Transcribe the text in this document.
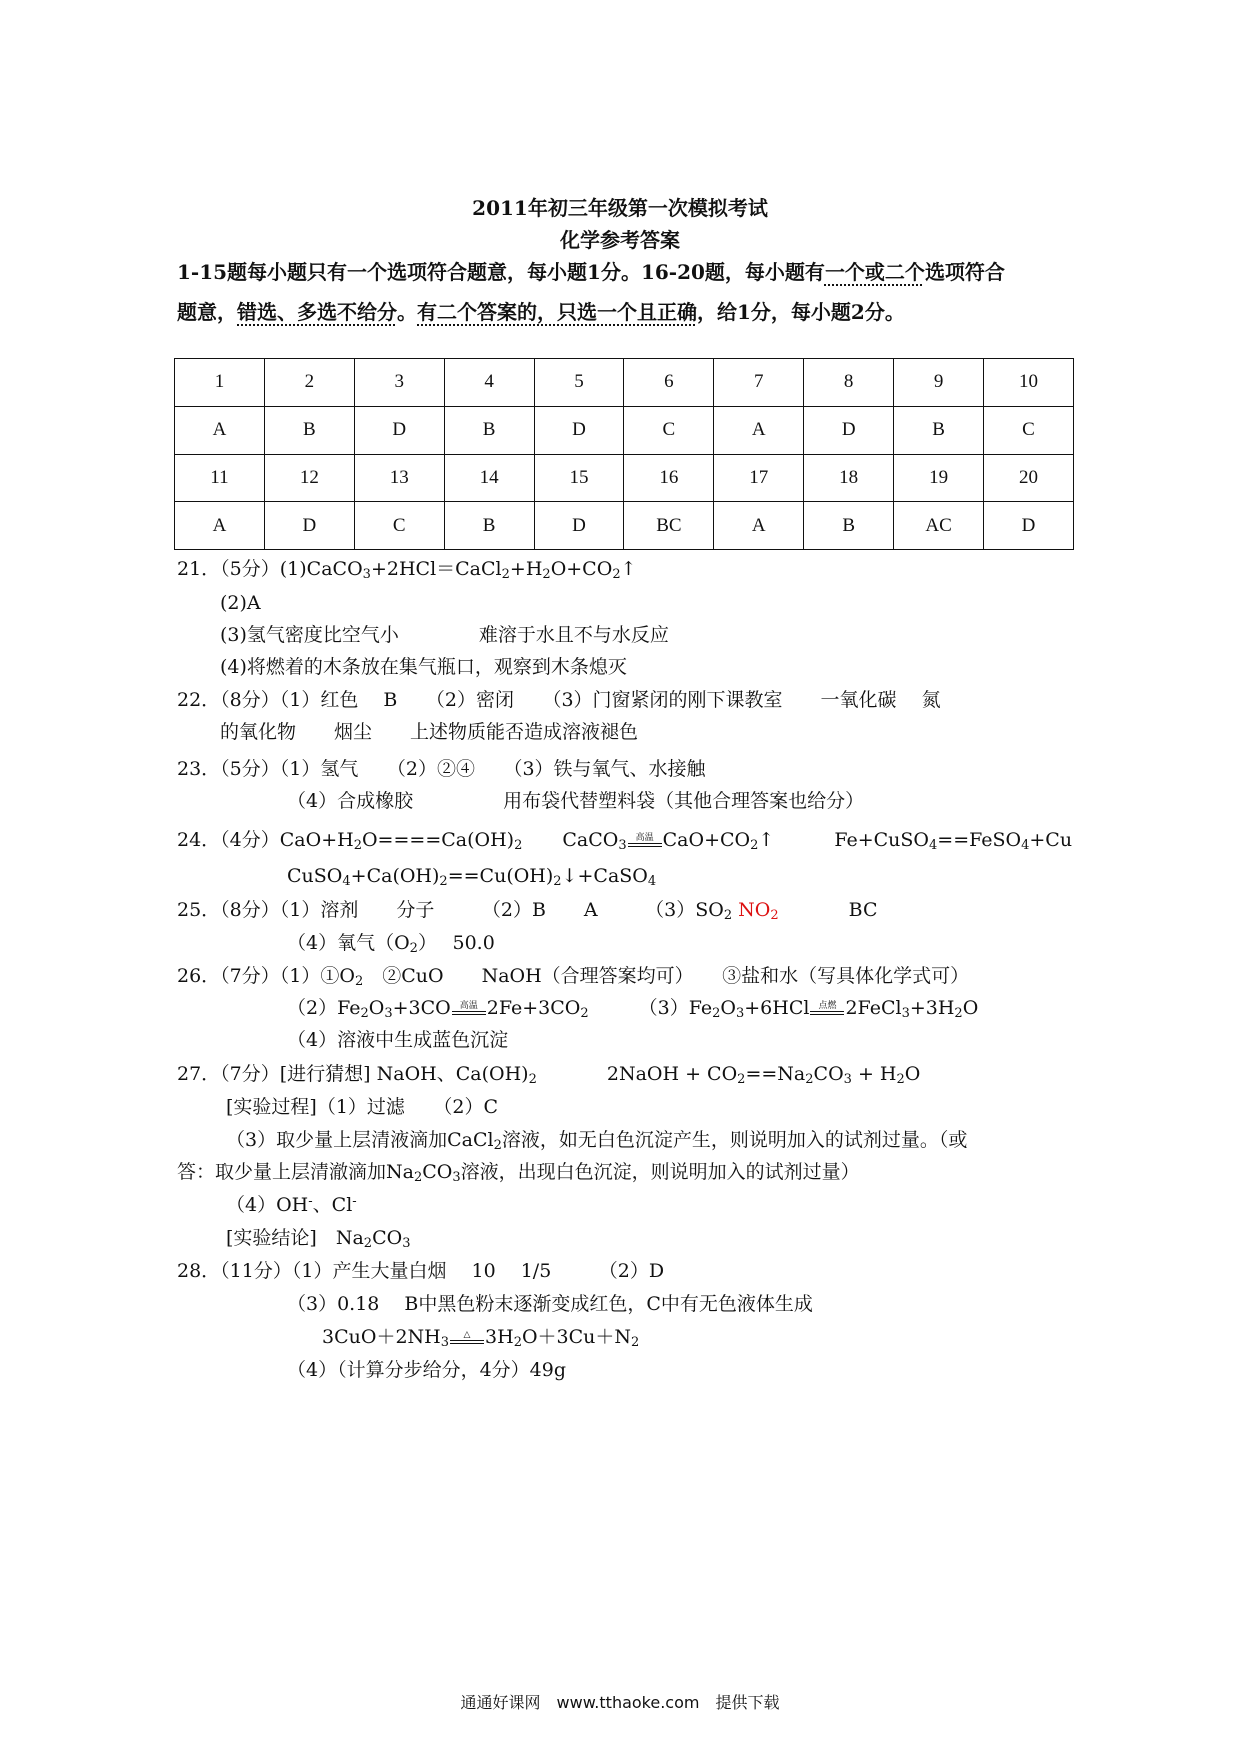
2011年初三年级第一次模拟考试
化学参考答案
1-15题每小题只有一个选项符合题意，每小题1分。16-20题，每小题有一个或二个选项符合
题意，错选、多选不给分。有二个答案的，只选一个且正确，给1分，每小题2分。
1	2	3	4	5	6	7	8	9	10
A	B	D	B	D	C	A	D	B	C
11	12	13	14	15	16	17	18	19	20
A	D	C	B	D	BC	A	B	AC	D
21．（5分）$(1)CaCO_3+2HCl=CaCl_2+H_2O+CO_2↑$
(2)A
(3)氢气密度比空气小	难溶于水且不与水反应
(4)将燃着的木条放在集气瓶口，观察到木条熄灭
22．（8分）（1）红色　 B　　（2）密闭　　（3）门窗紧闭的刚下课教室　　一氧化碳　 氮
的氧化物　　烟尘　　上述物质能否造成溶液褪色
23．（5分）（1）氢气　　（2）②④　　（3）铁与氧气、水接触
（4）合成橡胶	用布袋代替塑料袋（其他合理答案也给分）
24．（4分）$CaO+H_2O====Ca(OH)_2$ CaCO$_3$ 高温 $CaO+CO_2↑$	Fe+CuSO$_4$==FeSO$_4$+Cu
$CuSO_4+Ca(OH)_2==Cu(OH)_2↓+CaSO_4$
25．（8分）（1）溶剂　　分子　　　（2）B　　A　　　$(3)SO_2$ $NO_2$	BC
（4）氧气$(O_2)$　 50.0
26．（7分）$(1)①O_2$　②CuO　　NaOH（合理答案均可）　　③盐和水（写具体化学式可）
$(2)Fe_2O_3+3CO$ 高温 $2Fe+3CO_2$	$(3)Fe_2O_3+6HCl$ 点燃 $2FeCl_3+3H_2O$
（4）溶液中生成蓝色沉淀
27．（7分）[进行猜想] NaOH、$Ca(OH)_2$	2NaOH + $CO_2==Na_2CO_3 + H_2O$
[实验过程]（1）过滤　　（2）C
（3）取少量上层清液滴加CaCl$_2$溶液，如无白色沉淀产生，则说明加入的试剂过量。（或
答：取少量上层清澈滴加$Na_2CO_3$溶液，出现白色沉淀，则说明加入的试剂过量）
（4）OH-、Cl-
[实验结论]　$Na_2CO_3$
28．（11分）（1）产生大量白烟　 10　 1/5　　　（2）D
（3）0.18　 B中黑色粉末逐渐变成红色，C中有无色液体生成
$3CuO+2NH_3$	△ $3H_2O+3Cu+N_2$
（4）（计算分步给分，4分）49g
通通好课网　www.tthaoke.com　提供下载
